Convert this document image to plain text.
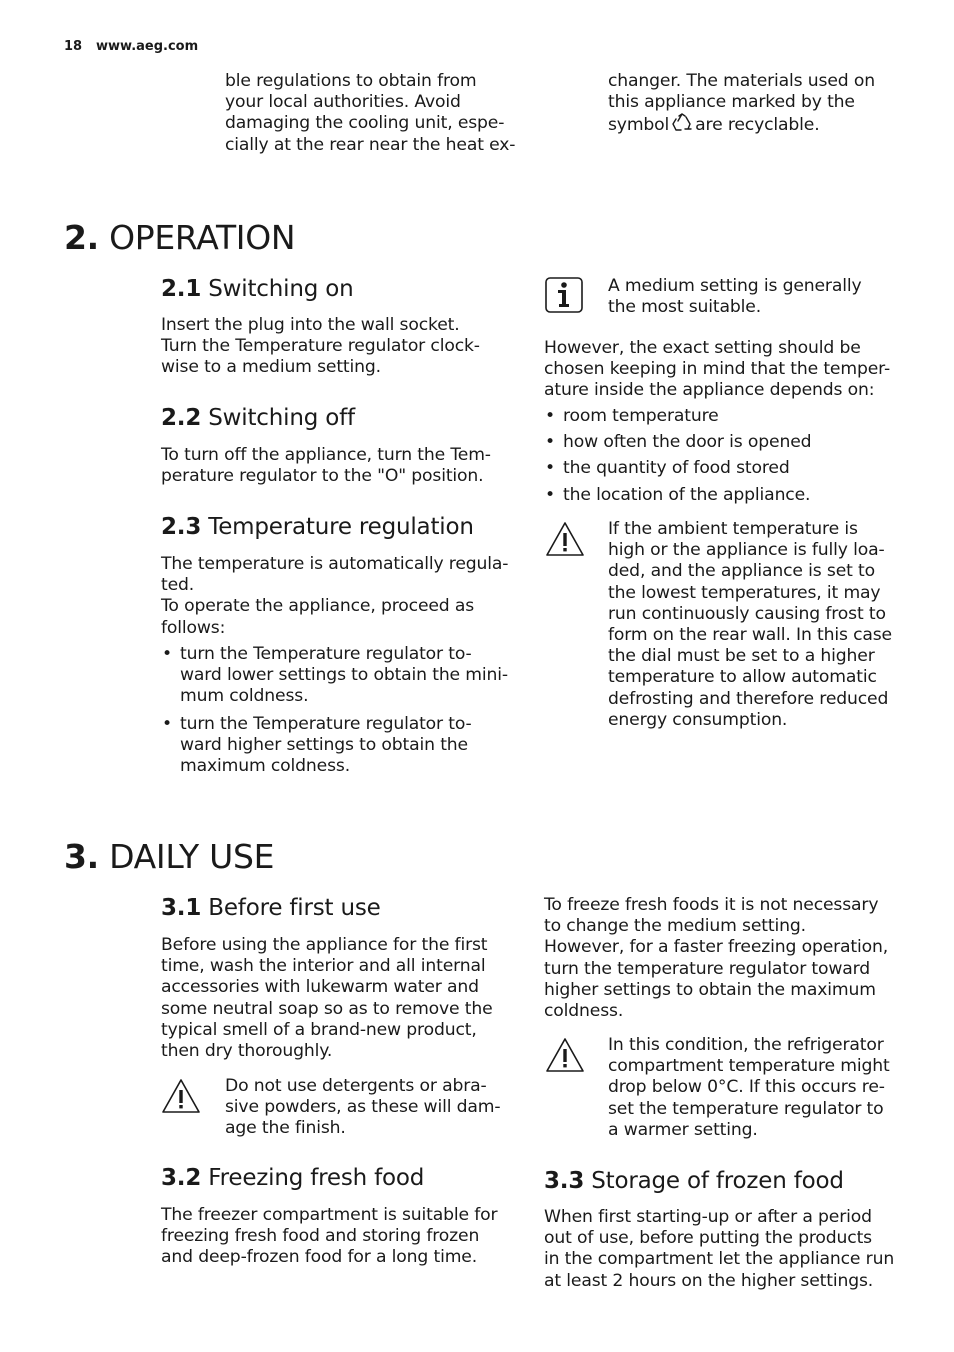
18 www.aeg.com

ble regulations to obtain from
your local authorities. Avoid
damaging the cooling unit, espe-
cially at the rear near the heat ex-

changer. The materials used on
this appliance marked by the
symbol are recyclable.

2. OPERATION
2.1 Switching on

Insert the plug into the wall socket.
Turn the Temperature regulator clock-
wise to a medium setting.

2.2 Switching off

To turn off the appliance, turn the Tem-
perature regulator to the "O" position.

2.3 Temperature regulation

The temperature is automatically regula-
ted.
To operate the appliance, proceed as
follows:

• turn the Temperature regulator to-
ward lower settings to obtain the mini-
mum coldness.
• turn the Temperature regulator to-
ward higher settings to obtain the
maximum coldness.

A medium setting is generally
the most suitable.

However, the exact setting should be
chosen keeping in mind that the temper-
ature inside the appliance depends on:

• room temperature
• how often the door is opened
• the quantity of food stored
• the location of the appliance.

If the ambient temperature is
high or the appliance is fully loa-
ded, and the appliance is set to
the lowest temperatures, it may
run continuously causing frost to
form on the rear wall. In this case
the dial must be set to a higher
temperature to allow automatic
defrosting and therefore reduced
energy consumption.

3. DAILY USE
3.1 Before first use

Before using the appliance for the first
time, wash the interior and all internal
accessories with lukewarm water and
some neutral soap so as to remove the
typical smell of a brand-new product,
then dry thoroughly.

Do not use detergents or abra-
sive powders, as these will dam-
age the finish.

3.2 Freezing fresh food

The freezer compartment is suitable for
freezing fresh food and storing frozen
and deep-frozen food for a long time.

To freeze fresh foods it is not necessary
to change the medium setting.
However, for a faster freezing operation,
turn the temperature regulator toward
higher settings to obtain the maximum
coldness.

In this condition, the refrigerator
compartment temperature might
drop below 0°C. If this occurs re-
set the temperature regulator to
a warmer setting.

3.3 Storage of frozen food

When first starting-up or after a period
out of use, before putting the products
in the compartment let the appliance run
at least 2 hours on the higher settings.
